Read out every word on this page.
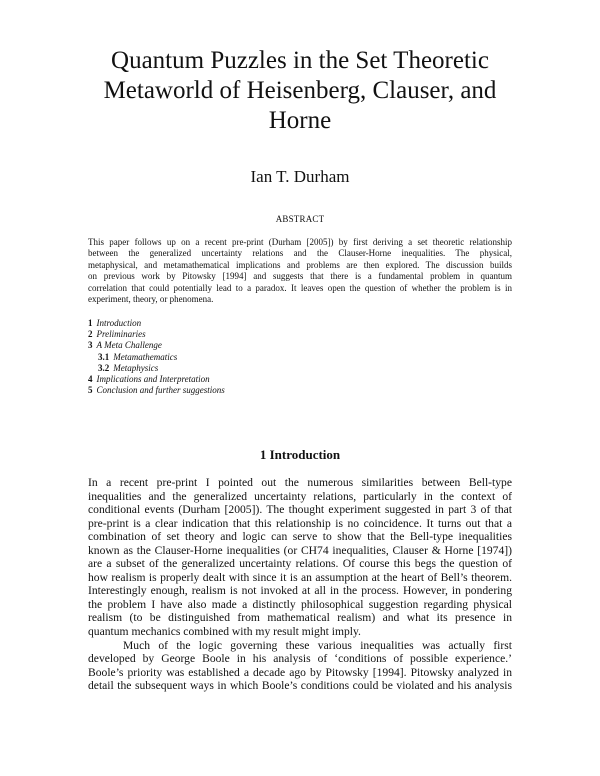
Quantum Puzzles in the Set Theoretic
Metaworld of Heisenberg, Clauser, and
Horne
Ian T. Durham
ABSTRACT
This paper follows up on a recent pre-print (Durham [2005]) by first deriving a set theoretic relationship
between the generalized uncertainty relations and the Clauser-Horne inequalities. The physical,
metaphysical, and metamathematical implications and problems are then explored. The discussion builds
on previous work by Pitowsky [1994] and suggests that there is a fundamental problem in quantum
correlation that could potentially lead to a paradox. It leaves open the question of whether the problem is in
experiment, theory, or phenomena.
1 Introduction
2 Preliminaries
3 A Meta Challenge
3.1 Metamathematics
3.2 Metaphysics
4 Implications and Interpretation
5 Conclusion and further suggestions
1 Introduction
In a recent pre-print I pointed out the numerous similarities between Bell-type
inequalities and the generalized uncertainty relations, particularly in the context of
conditional events (Durham [2005]). The thought experiment suggested in part 3 of that
pre-print is a clear indication that this relationship is no coincidence. It turns out that a
combination of set theory and logic can serve to show that the Bell-type inequalities
known as the Clauser-Horne inequalities (or CH74 inequalities, Clauser & Horne [1974])
are a subset of the generalized uncertainty relations. Of course this begs the question of
how realism is properly dealt with since it is an assumption at the heart of Bell’s theorem.
Interestingly enough, realism is not invoked at all in the process. However, in pondering
the problem I have also made a distinctly philosophical suggestion regarding physical
realism (to be distinguished from mathematical realism) and what its presence in
quantum mechanics combined with my result might imply.
Much of the logic governing these various inequalities was actually first
developed by George Boole in his analysis of ‘conditions of possible experience.’
Boole’s priority was established a decade ago by Pitowsky [1994]. Pitowsky analyzed in
detail the subsequent ways in which Boole’s conditions could be violated and his analysis
